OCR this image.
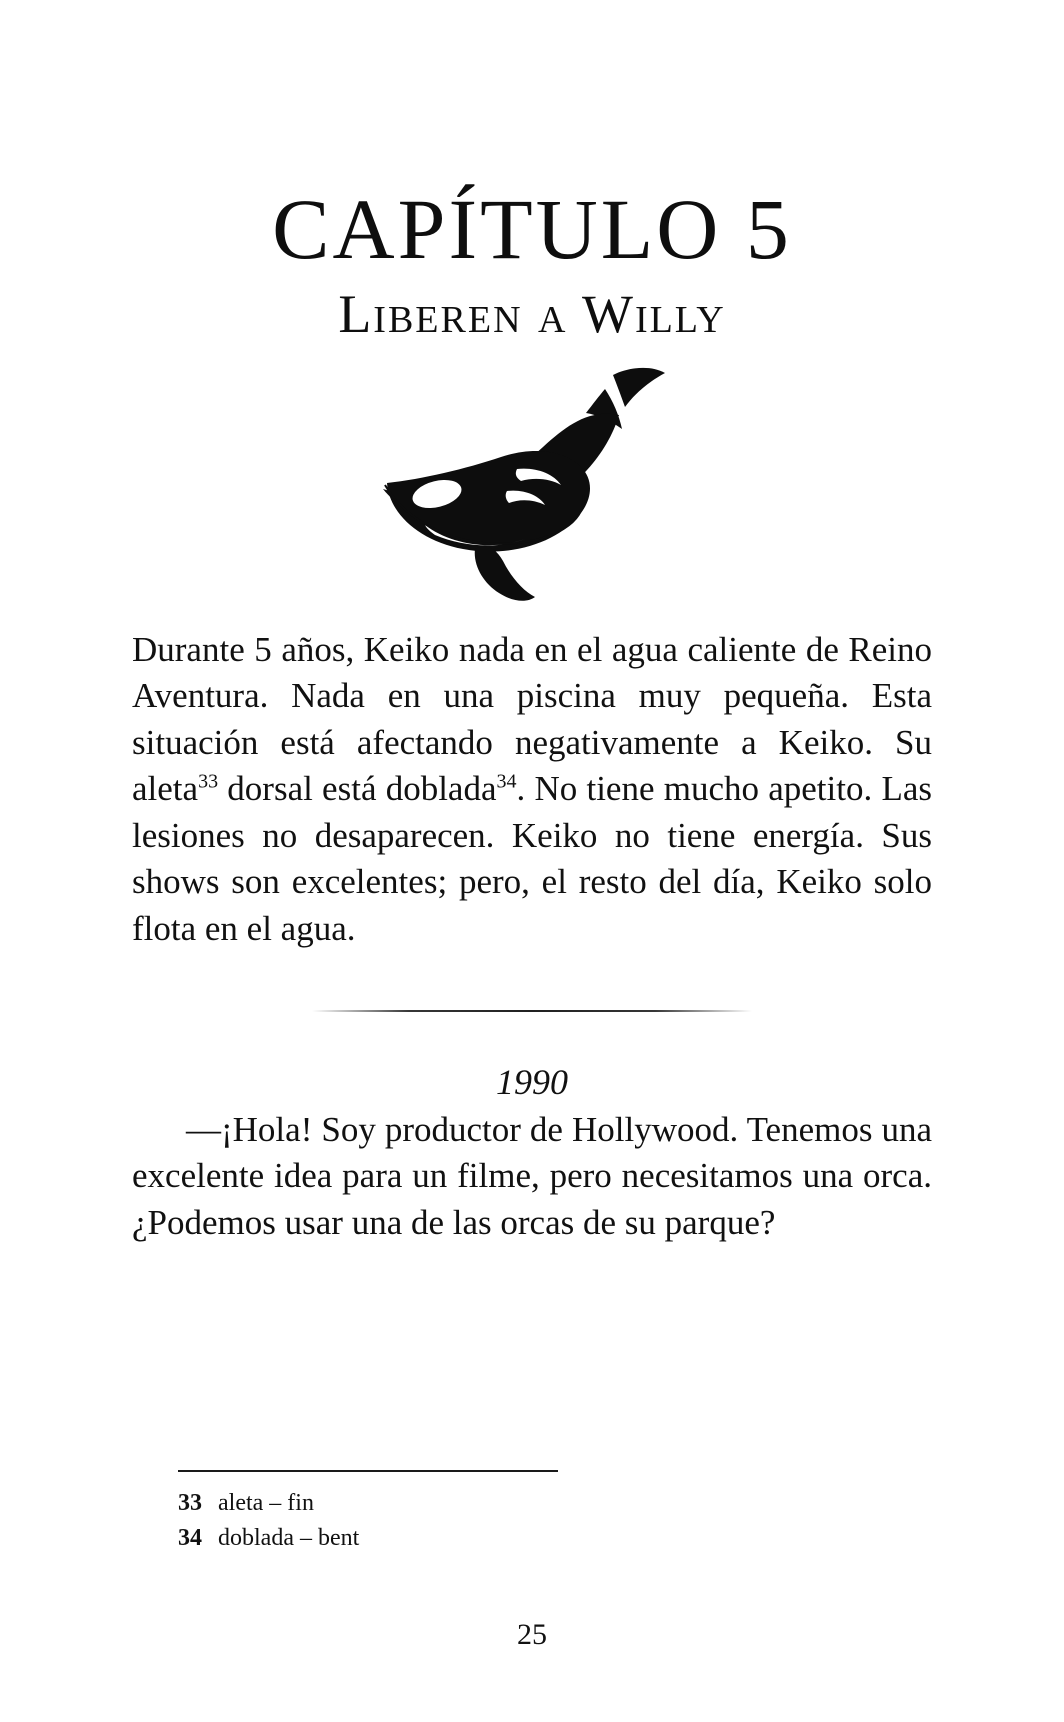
CAPÍTULO 5
Liberen a Willy

Durante 5 años, Keiko nada en el agua caliente de Reino Aventura. Nada en una piscina muy pequeña. Esta situación está afectando negativamente a Keiko. Su aleta$^{33}$ dorsal está doblada$^{34}$. No tiene mucho apetito. Las lesiones no desaparecen. Keiko no tiene energía. Sus shows son excelentes; pero, el resto del día, Keiko solo flota en el agua.

1990

—¡Hola! Soy productor de Hollywood. Tenemos una excelente idea para un filme, pero necesitamos una orca. ¿Podemos usar una de las orcas de su parque?

33 aleta – fin
34 doblada – bent
25
